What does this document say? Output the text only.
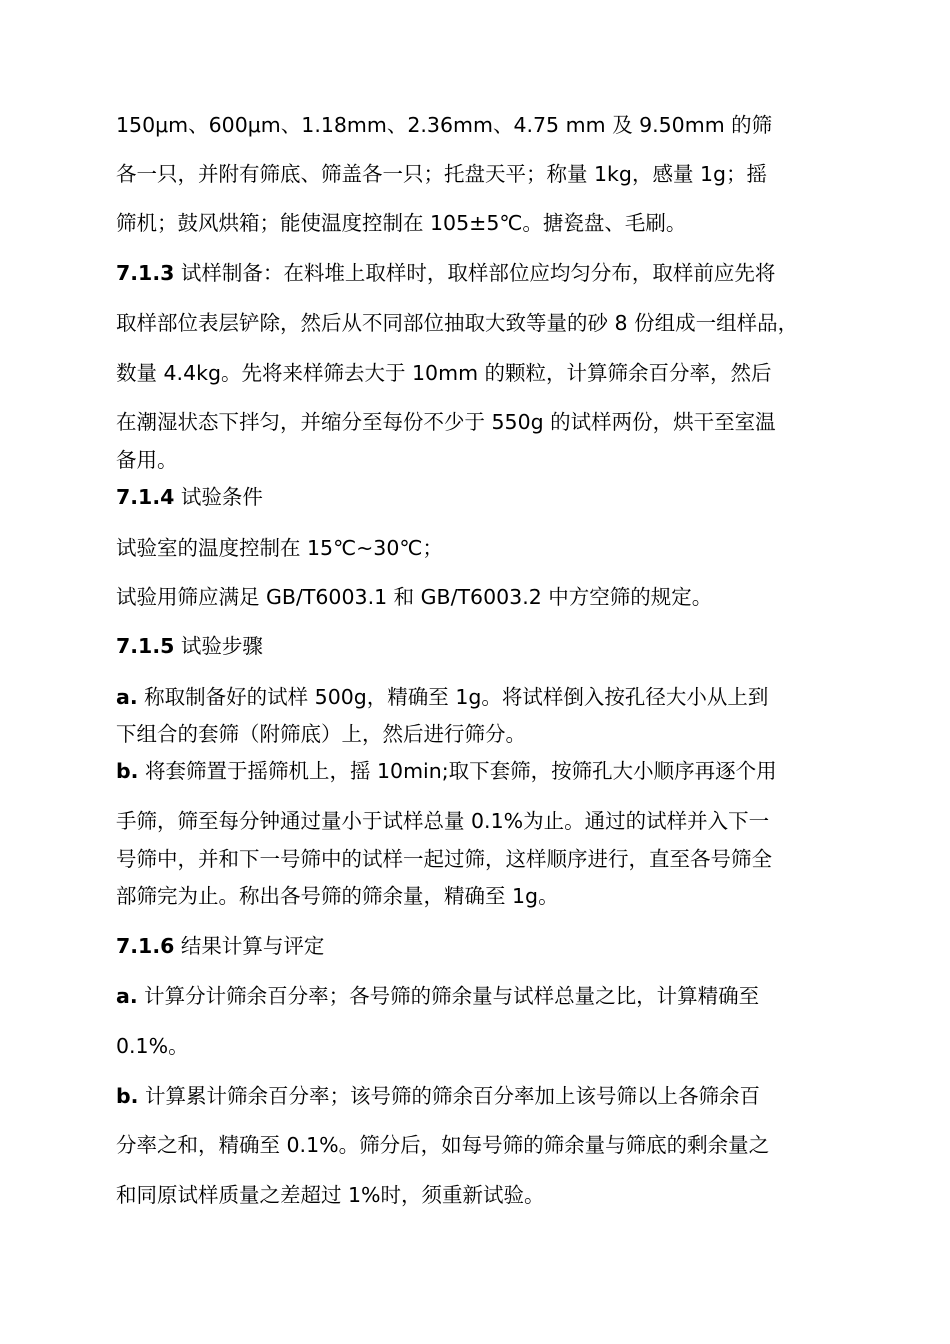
150μm、600μm、1.18mm、2.36mm、4.75 mm 及 9.50mm 的筛
各一只，并附有筛底、筛盖各一只；托盘天平；称量 1kg，感量 1g；摇
筛机；鼓风烘箱；能使温度控制在 105±5℃。搪瓷盘、毛刷。
7.1.3 试样制备：在料堆上取样时，取样部位应均匀分布，取样前应先将
取样部位表层铲除，然后从不同部位抽取大致等量的砂 8 份组成一组样品，
数量 4.4kg。先将来样筛去大于 10mm 的颗粒，计算筛余百分率，然后
在潮湿状态下拌匀，并缩分至每份不少于 550g 的试样两份，烘干至室温
备用。
7.1.4 试验条件
试验室的温度控制在 15℃~30℃；
试验用筛应满足 GB/T6003.1 和 GB/T6003.2 中方空筛的规定。
7.1.5 试验步骤
a. 称取制备好的试样 500g，精确至 1g。将试样倒入按孔径大小从上到
下组合的套筛（附筛底）上，然后进行筛分。
b. 将套筛置于摇筛机上，摇 10min;取下套筛，按筛孔大小顺序再逐个用
手筛，筛至每分钟通过量小于试样总量 0.1%为止。通过的试样并入下一
号筛中，并和下一号筛中的试样一起过筛，这样顺序进行，直至各号筛全
部筛完为止。称出各号筛的筛余量，精确至 1g。
7.1.6 结果计算与评定
a. 计算分计筛余百分率；各号筛的筛余量与试样总量之比，计算精确至
0.1%。
b. 计算累计筛余百分率；该号筛的筛余百分率加上该号筛以上各筛余百
分率之和，精确至 0.1%。筛分后，如每号筛的筛余量与筛底的剩余量之
和同原试样质量之差超过 1%时，须重新试验。
